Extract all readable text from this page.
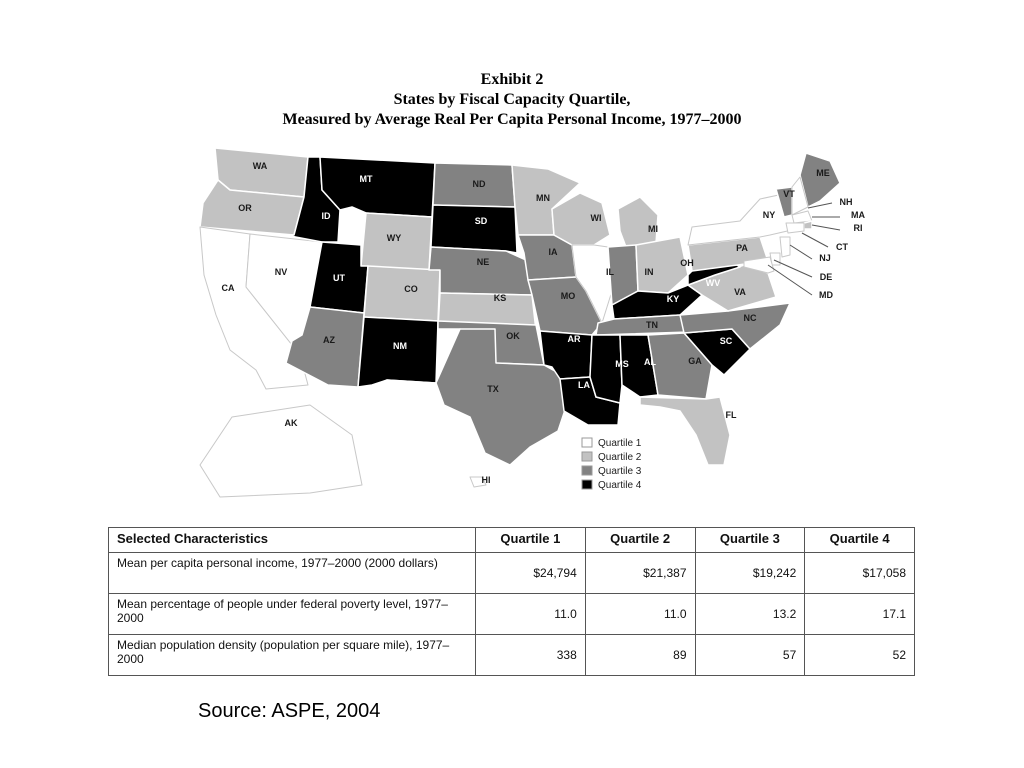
Exhibit 2
States by Fiscal Capacity Quartile,
Measured by Average Real Per Capita Personal Income, 1977–2000
WA
OR
CA
NV
ID
MT
WY
UT
CO
AZ
NM
ND
SD
NE
KS
OK
TX
MN
IA
MO
AR
LA
WI
IL
MI
IN
OH
KY
TN
MS AL	GA
FL
SC
NC
VA
WV
PA
NY
VT
ME
NH
MA
RI
CT
NJ
DE
MD
AK
HI
Quartile 1
Quartile 2
Quartile 3
Quartile 4
Selected Characteristics	Quartile 1	Quartile 2	Quartile 3	Quartile 4
Mean per capita personal income, 1977–2000 (2000 dollars)	$24,794	$21,387	$19,242	$17,058
Mean percentage of people under federal poverty level, 1977–2000	11.0	11.0	13.2	17.1
Median population density (population per square mile), 1977–2000	338	89	57	52
Source: ASPE, 2004
